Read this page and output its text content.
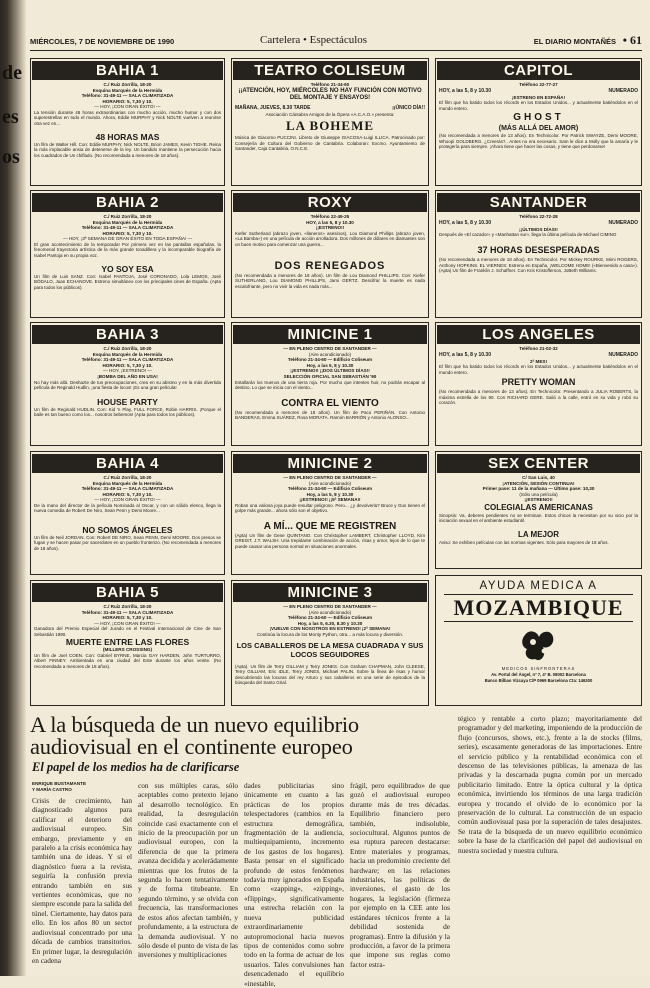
de
es
os
MIÉRCOLES, 7 DE NOVIEMBRE DE 1990	Cartelera • Espectáculos	EL DIARIO MONTAÑÉS • 61
BAHIA 1
C./ Ruiz Zorrilla, 18-20
Esquina Marqués de la Hermida
Teléfono: 31-49-11 — SALA CLIMATIZADA
HORARIO: 5, 7,30 y 10.
— HOY, ¡CON GRAN ÉXITO! —
La tensión durante 48 horas extraordinarias con mucho acción, mucho humor y con dos superestrellas en todo el mundo. Ahora, Eddie MURPHY y Nick NOLTE vuelven a reunirse otra vez en...
48 HORAS MAS
Un film de Walter Hill. Con: Eddie MURPHY, Nick NOLTE, Brion JAMES, Kevin TIGHE. Reina la más implacable ansia de detenerse de la ley. Un bandido mantiene la persecución hacia los cuadrados de Un chiflado. (No recomendada a menores de 18 años).
BAHIA 2
C./ Ruiz Zorrilla, 18-20
Esquina Marqués de la Hermida
Teléfono: 31-49-11 — SALA CLIMATIZADA
HORARIO: 5, 7,30 y 10.
— HOY, ¡3ª SEMANA DE GRAN ÉXITO EN TODA ESPAÑA! —
El gran acontecimiento de la temporada! Por primera vez en las pantallas españolas, la fenomenal trayectoria artística de la más grande tonadillera y la incomparable biografía de Isabel Pantoja en su propia voz.
YO SOY ESA
Un film de Luis SANZ. Con: Isabel PANTOJA, José CORONADO, Lola LEMOS, José BÓDALO, Juan ECHANOVE. Estreno simultáneo con los principales cines de España. (Apta para todos los públicos).
BAHIA 3
C./ Ruiz Zorrilla, 18-20
Esquina Marqués de la Hermida
Teléfono: 31-49-11 — SALA CLIMATIZADA
HORARIO: 5, 7,30 y 10.
— HOY, ¡ESTRENO! —
¡BOMBA DEL AÑO EN USA!
No hay más allá. Deshazte de tus preocupaciones, crea en su abismo y en la más divertida película de Reginald Hudlin, ¡una fiesta de locos! ¡Es una gran película!
HOUSE PARTY
Un film de Reginald HUDLIN. Con: Kid 'n Play, FULL FORCE, Robin HARRIS. ¡Porque el baile es tan bueno como los... nosotros bebemos! (Apta para todos los públicos).
BAHIA 4
C./ Ruiz Zorrilla, 18-20
Esquina Marqués de la Hermida
Teléfono: 31-49-11 — SALA CLIMATIZADA
HORARIO: 5, 7,30 y 10.
— HOY, ¡CON GRAN ÉXITO! —
De la mano del director de la película Nominada al Oscar, y con un sólido elenco, llega la nueva comedia de Robert De Niro, Sean Penn y Demi Moore...
NO SOMOS ÁNGELES
Un film de Neil JORDAN. Con: Robert DE NIRO, Sean PENN, Demi MOORE. Dos presos se fugan y se hacen pasar por sacerdotes en un pueblo fronterizo. (No recomendada a menores de 18 años).
BAHIA 5
C./ Ruiz Zorrilla, 18-20
Teléfono: 31-49-11 — SALA CLIMATIZADA
HORARIO: 5, 7,30 y 10.
— HOY, ¡CON GRAN ÉXITO! —
Ganadora del Premio Especial del Jurado en el Festival Internacional de Cine de San Sebastián 1990.
MUERTE ENTRE LAS FLORES
(MILLERS CROSSING)
Un film de Joel COEN. Con: Gabriel BYRNE, Marcia GAY HARDEN, John TURTURRO, Albert FINNEY. Ambientada en una ciudad del Este durante los años veinte. (No recomendada a menores de 18 años).
TEATRO COLISEUM
Teléfono 21-34-60
¡¡ATENCIÓN, HOY, MIÉRCOLES NO HAY FUNCIÓN CON MOTIVO DEL MONTAJE Y ENSAYOS!
MAÑANA, JUEVES, 8.30 TARDE	¡¡ÚNICO DÍA!!
Asociación Cántabra Amigos de la Ópera «A.C.A.O.» presenta:
LA BOHEME
Música de Giacomo PUCCINI. Libreto de Giuseppe GIACOSA-Luigi ILLICA. Patrocinado por: Consejería de Cultura del Gobierno de Cantabria. Colaboran: Excmo. Ayuntamiento de Santander, Caja Cantabria, O.N.C.E.
ROXY
Teléfono 22-49-25
HOY, a las 5, 8 y 10.30
¡¡ESTRENO!!
Kiefer Sutherland (abrazo joven, «llaneros» asesinos), Lou Diamond Phillips (abrazo joven, «La Bamba») en una película de acción arrolladora. Dos millones de dólares en diamantes son un buen motivo para comenzar una guerra...
DOS RENEGADOS
(No recomendada a menores de 18 años). Un film de Lou Diamond PHILLIPS. Con: Kiefer SUTHERLAND, Lou DIAMOND PHILLIPS, Jami GERTZ. Descifrar la muerte es nada escalofriante, pero no vivir la vida es nada más...
MINICINE 1
— EN PLENO CENTRO DE SANTANDER —
(Aire acondicionado)
Teléfono 21-34-60 — Edificio Coliseum
Hoy, a las 5, 8 y 10.30
¡¡ESTRENO!! ¡¡DOS ÚLTIMOS DÍAS!!
SELECCIÓN OFICIAL SAN SEBASTIÁN '90
Estallarán los truenos de una tierra roja. Por mucho que intentes huir, no podrás escapar al destino. Lo que se inicia con el viento...
CONTRA EL VIENTO
(No recomendada a menores de 18 años). Un film de Paco PERIÑÁN. Con Antonio BANDERAS, Emma SUÁREZ, Rosa MORATA. Ramón BARRIÓN y Antonio ALONSO...
MINICINE 2
— EN PLENO CENTRO DE SANTANDER —
(Aire acondicionado)
Teléfono 21-34-60 — Edificio Coliseum
Hoy, a las 5, 8 y 10.30
¡¡ESTRENO!! ¡¡5ª SEMANA!!
Roban una valiosa joya puede resultar peligroso. Pero... ¿y devolverla? Bruce y Gus tienen el golpe más grande... ahora sólo son el objetivo.
A MÍ... QUE ME REGISTREN
(Apta) Un film de Gene QUINTANO. Con Christopher LAMBERT, Christopher LLOYD, Kim GREIST, J.T. WALSH. Una trepidante combinación de acción, risas y amor, lejos de lo que te puede causar una persona normal en situaciones anormales.
MINICINE 3
— EN PLENO CENTRO DE SANTANDER —
(Aire acondicionado)
Teléfono 21-34-60 — Edificio Coliseum
Hoy, a las 5, 6.30, 8.30 y 10.30
¡VUELVE CON NOSOTROS EN ESTRENO! ¡2ª SEMANA!
Continúa la locura de los Monty Python, otra... a más locura y diversión.
LOS CABALLEROS DE LA MESA CUADRADA Y SUS LOCOS SEGUIDORES
(Apta). Un film de Terry GILLIAM y Terry JONES. Con Graham CHAPMAN, John CLEESE, Terry GILLIAM, Eric IDLE, Terry JONES, Michael PALIN. Sobre la línea de risas y humor descubriendo las locuras del rey Arturo y sus caballeros en una serie de episodios de la búsqueda del Santo Grial.
CAPITOL
Teléfono 22-77-27
HOY, a las 5, 8 y 10.30	NUMERADO
¡ESTRENO EN ESPAÑA!
El film que ha batido todos los récords en los Estados Unidos... y actualmente batiéndolos en el mundo entero.
GHOST
(MÁS ALLÁ DEL AMOR)
(No recomendada a menores de 13 años). En Technicolor. Por Patrick SWAYZE, Demi MOORE, Whoopi GOLDBERG. ¿Creerás?.. Antes no era necesario. Sam le dice a Molly que la amaría y le protegería para siempre. ¡Ahora tiene que hacer las cosas, y tiene que perdonarse!
SANTANDER
Teléfono 22-72-28
HOY, a las 5, 8 y 10.30	NUMERADO
¡¡ÚLTIMOS DÍAS!!
Después de «El cazador» y «Manhattan sur», llega la última película de Michael CIMINO
37 HORAS DESESPERADAS
(No recomendada a menores de 18 años). En Technicolor. Por Mickey ROURKE, Mimi ROGERS, Anthony HOPKINS. EL VIERNES: Estreno en España, ¡WELCOME HOME! («Bienvenido a casa»). (Apta) Un film de Franklin J. Schaffner. Con Kris Kristofferson, JoBeth Williams.
LOS ANGELES
Teléfono 21-02-32
HOY, a las 5, 8 y 10.30	NUMERADO
2ª MES!
El film que ha batido todos los récords en los Estados Unidos... y actualmente batiéndolos en el mundo entero.
PRETTY WOMAN
(No recomendada a menores de 13 años). En Technicolor. Presentando a JULIA ROBERTS, la máxima estrella de los 90. Con RICHARD GERE. Salió a la calle, entró en su vida y robó su corazón.
SEX CENTER
C/ San Luis, 40
¡ATENCIÓN, SESIÓN CONTINUA!
Primer pase: 11 de la mañana — Último pase: 10,30
(Sólo una película)
¡¡ESTRENO!!
COLEGIALAS AMERICANAS
Sinopsis: Va, deberes pendientes no se terminan. Estos chicos la necesitan por su vicio por la iniciación sexual en el ambiente estudiantil.
LA MEJOR
Aviso: Se exhiben películas con las normas vigentes. Sólo para mayores de 18 años.
AYUDA MEDICA A
MOZAMBIQUE
MEDICOS SINFRONTERAS
Av. Portal del Àngel, nº 7, 4º B. 08002 Barcelona
Banco Bilbao Vizcaya C/P 0969 Barcelona Cta: 146300
A la búsqueda de un nuevo equilibrio audiovisual en el continente europeo
El papel de los medios ha de clarificarse
ENRIQUE BUSTAMANTE
Y MARÍA CASTRO
Crisis de crecimiento, han diagnosticado algunos para calificar el deterioro del audiovisual europeo. Sin embargo, previamente y en paralelo a la crisis económica hay también una de ideas. Y si el diagnóstico fuera a la revista, seguiría la confusión previa entrando también en sus vertientes económicas, que no siempre esconde para la salida del túnel. Ciertamente, hay datos para ello. En los años 80 un sector audiovisual concentrado por una década de cambios transitorios. En primer lugar, la desregulación en cadena
con sus múltiples caras, sólo aceptables como pretexto lejano al desarrollo tecnológico. En realidad, la desregulación coincide casi exactamente con el inicio de la preocupación por un audiovisual europeo, con la diferencia de que la primera avanza decidida y acelerádamente mientras que los frutos de la segunda lo hacen tentativamente y de forma titubeante. En segundo término, y se olvida con frecuencia, las transformaciones de estos años afectan también, y profundamente, a la estructura de la demanda audiovisual. Y no sólo desde el punto de vista de las inversiones y multiplicaciones
dades publicitarias sino únicamente en cuanto a las prácticas de los propios telespectadores (cambios en la estructura demográfica, fragmentación de la audiencia, multiequipamiento, incremento de los gastos de los hogares). Basta pensar en el significado profundo de estos fenómenos todavía muy ignorados en España como «zapping», «zipping», «flipping», significativamente una estrecha relación con la nueva publicidad extraordinariamente autopromocional hacia nuevos tipos de contenidos como sobre todo en la forma de actuar de los usuarios. Tales convulsiones han desencadenado el equilibrio «inestable,
frágil, pero equilibrado» de que gozó el audiovisual europeo durante más de tres décadas. Equilibrio financiero pero también, indisoluble, sociocultural. Algunos puntos de esa ruptura parecen destacarse: Entre materiales y programas, hacia un predominio creciente del hardware; en las relaciones industriales, las políticas de inversiones, el gasto de los hogares, la legislación (firmeza por ejemplo en la CEE ante los estándares técnicos frente a la debilidad sostenida de programas). Entre la difusión y la producción, a favor de la primera que impone sus reglas como factor estra-
tégico y rentable a corto plazo; mayoritariamente del programador y del marketing, imponiendo de la producción de flujo (concursos, shows, etc.), frente a la de stocks (films, series), escasamente generadoras de las importaciones. Entre el servicio público y la rentabilidad económica con el descenso de las televisiones públicas, la amenaza de las privadas y la descarnada pugna común por un mercado publicitario limitado. Entre la óptica cultural y la óptica económica, invirtiendo los términos de una larga tradición europea y trocando el olvido de lo económico por la preservación de lo cultural. La construcción de un espacio común audiovisual pasa por la superación de tales desajustes. Se trata de la búsqueda de un nuevo equilibrio económico sobre la base de la clarificación del papel del audiovisual en nuestra sociedad y nuestra cultura.
